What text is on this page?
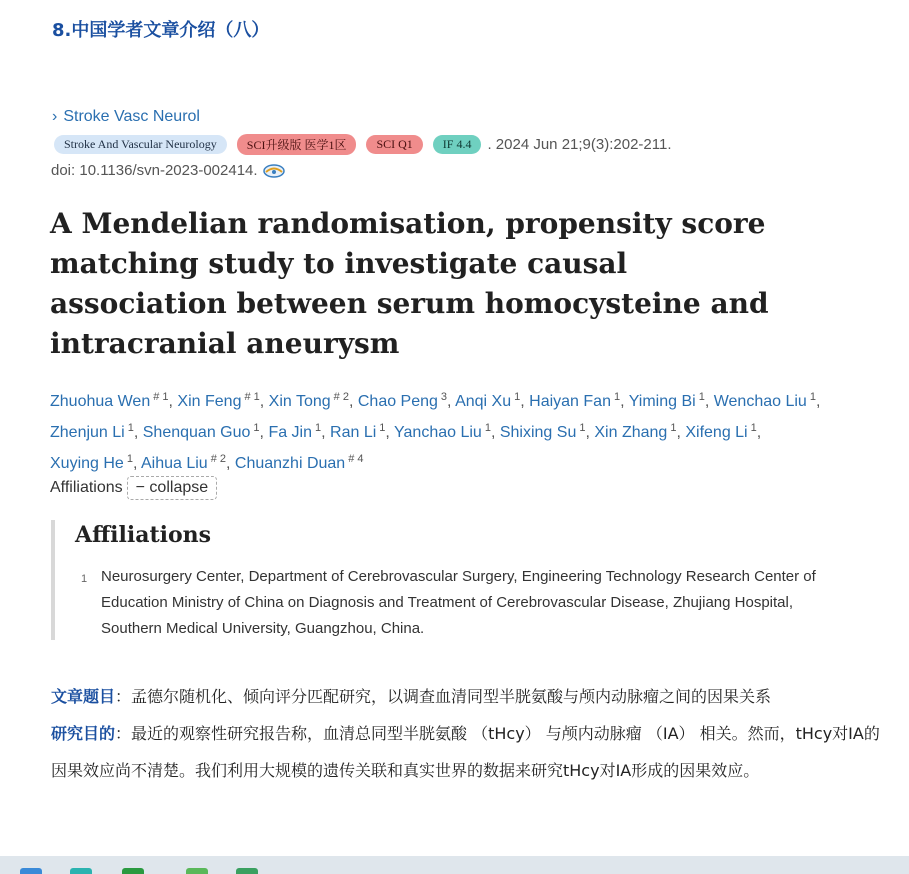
8.中国学者文章介绍（八）
› Stroke Vasc Neurol
Stroke And Vascular Neurology	SCI升级版 医学1区	SCI Q1	IF 4.4	. 2024 Jun 21;9(3):202-211.
doi: 10.1136/svn-2023-002414.
A Mendelian randomisation, propensity score matching study to investigate causal association between serum homocysteine and intracranial aneurysm
Zhuohua Wen $^{\# 1}$, Xin Feng $^{\# 1}$, Xin Tong $^{\# 2}$, Chao Peng $^3$, Anqi Xu $^1$, Haiyan Fan $^1$, Yiming Bi $^1$, Wenchao Liu $^1$, Zhenjun Li $^1$, Shenquan Guo $^1$, Fa Jin $^1$, Ran Li $^1$, Yanchao Liu $^1$, Shixing Su $^1$, Xin Zhang $^1$, Xifeng Li $^1$, Xuying He $^1$, Aihua Liu $^{\# 2}$, Chuanzhi Duan $^{\# 4}$
Affiliations − collapse
Affiliations
1 Neurosurgery Center, Department of Cerebrovascular Surgery, Engineering Technology Research Center of Education Ministry of China on Diagnosis and Treatment of Cerebrovascular Disease, Zhujiang Hospital, Southern Medical University, Guangzhou, China.

文章题目：孟德尔随机化、倾向评分匹配研究，以调查血清同型半胱氨酸与颅内动脉瘤之间的因果关系

研究目的：最近的观察性研究报告称，血清总同型半胱氨酸 （tHcy） 与颅内动脉瘤 （IA） 相关。然而，tHcy对IA的因果效应尚不清楚。我们利用大规模的遗传关联和真实世界的数据来研究tHcy对IA形成的因果效应。
